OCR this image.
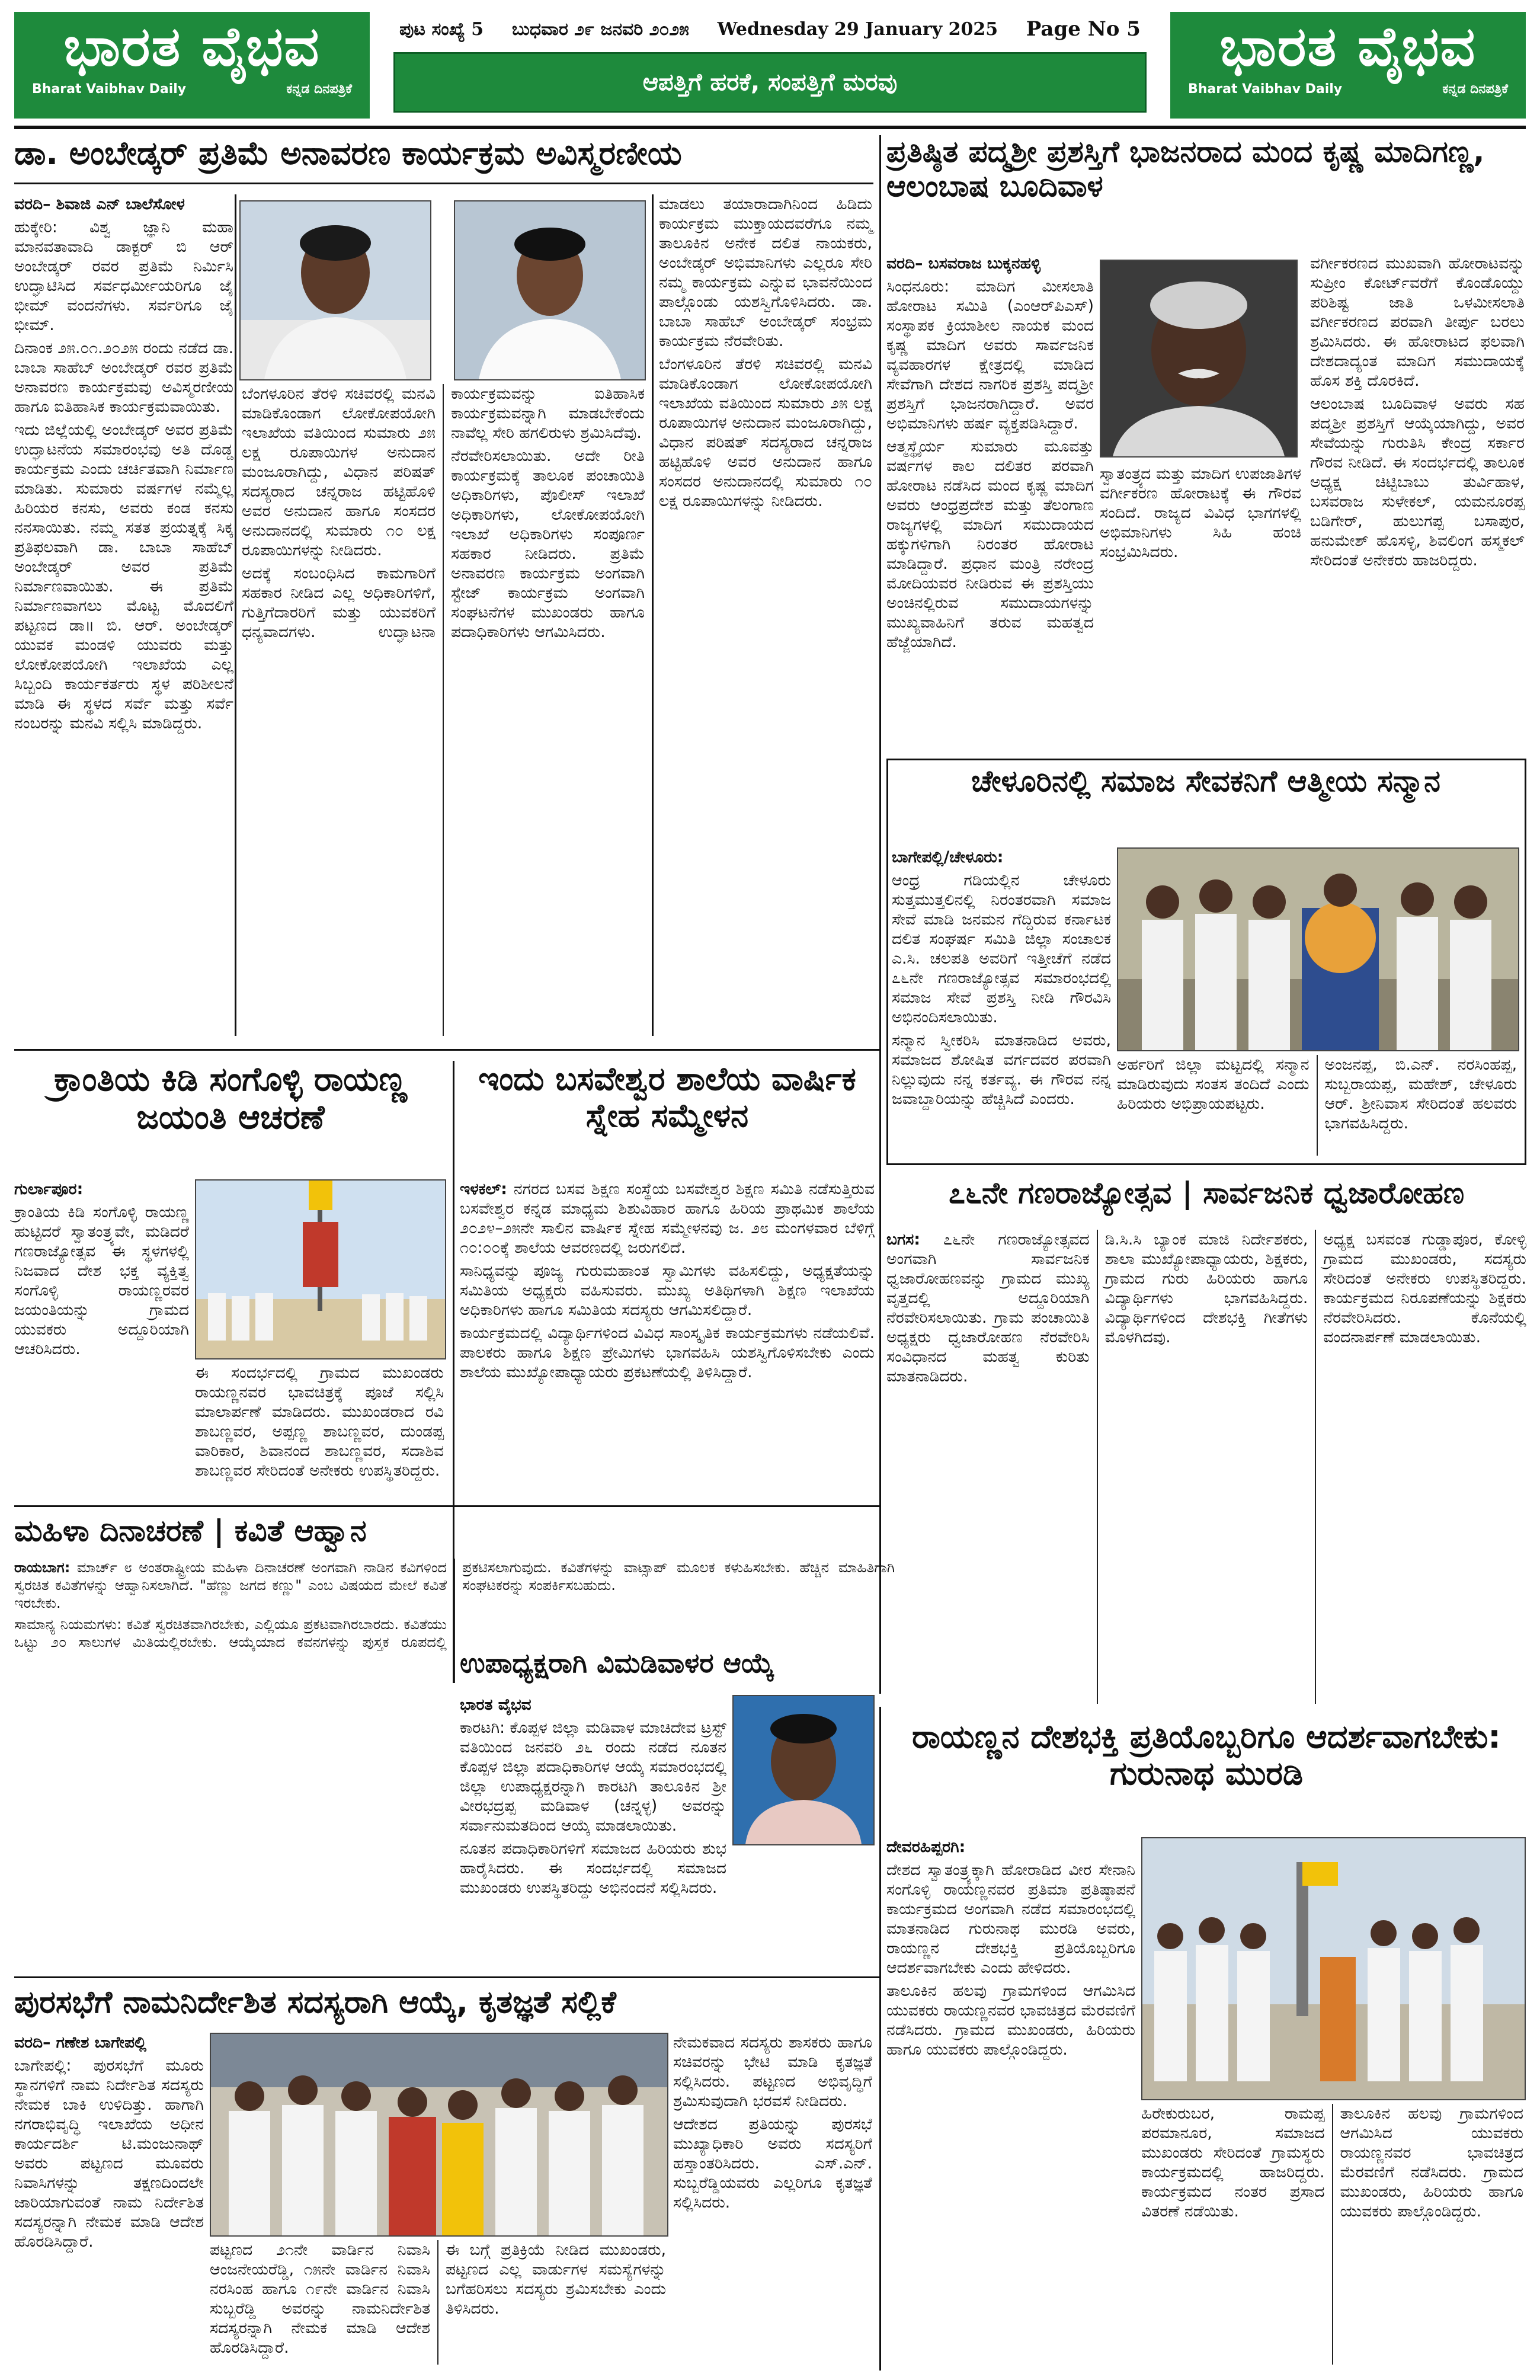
ಭಾರತ ವೈಭವ
Bharat Vaibhav Daily	ಕನ್ನಡ ದಿನಪತ್ರಿಕೆ
ಪುಟ ಸಂಖ್ಯೆ 5 ಬುಧವಾರ ೨೯ ಜನವರಿ ೨೦೨೫ Wednesday 29 January 2025 Page No 5
ಆಪತ್ತಿಗೆ ಹರಕೆ, ಸಂಪತ್ತಿಗೆ ಮರವು
ಭಾರತ ವೈಭವ
Bharat Vaibhav Daily	ಕನ್ನಡ ದಿನಪತ್ರಿಕೆ
ಡಾ. ಅಂಬೇಡ್ಕರ್ ಪ್ರತಿಮೆ ಅನಾವರಣ ಕಾರ್ಯಕ್ರಮ ಅವಿಸ್ಮರಣೀಯ

ವರದಿ– ಶಿವಾಜಿ ಎನ್ ಬಾಲೆಸೋಳ

ಹುಕ್ಕೇರಿ: ವಿಶ್ವ ಜ್ಞಾನಿ ಮಹಾ ಮಾನವತಾವಾದಿ ಡಾಕ್ಟರ್ ಬಿ ಆರ್ ಅಂಬೇಡ್ಕರ್ ರವರ ಪ್ರತಿಮೆ ನಿರ್ಮಿಸಿ ಉದ್ಘಾಟಿಸಿದ ಸರ್ವಧರ್ಮೀಯರಿಗೂ ಜೈ ಭೀಮ್ ವಂದನೆಗಳು. ಸರ್ವರಿಗೂ ಜೈ ಭೀಮ್.

ದಿನಾಂಕ ೨೫.೦೧.೨೦೨೫ ರಂದು ನಡೆದ ಡಾ. ಬಾಬಾ ಸಾಹೆಬ್ ಅಂಬೇಡ್ಕರ್ ರವರ ಪ್ರತಿಮೆ ಅನಾವರಣ ಕಾರ್ಯಕ್ರಮವು ಅವಿಸ್ಮರಣೀಯ ಹಾಗೂ ಐತಿಹಾಸಿಕ ಕಾರ್ಯಕ್ರಮವಾಯಿತು.

ಇದು ಜಿಲ್ಲೆಯಲ್ಲಿ ಅಂಬೇಡ್ಕರ್ ಅವರ ಪ್ರತಿಮೆ ಉದ್ಘಾಟನೆಯ ಸಮಾರಂಭವು ಅತಿ ದೊಡ್ಡ ಕಾರ್ಯಕ್ರಮ ಎಂದು ಚರ್ಚಿತವಾಗಿ ನಿರ್ಮಾಣ ಮಾಡಿತು. ಸುಮಾರು ವರ್ಷಗಳ ನಮ್ಮೆಲ್ಲ ಹಿರಿಯರ ಕನಸು, ಅವರು ಕಂಡ ಕನಸು ನನಸಾಯಿತು. ನಮ್ಮ ಸತತ ಪ್ರಯತ್ನಕ್ಕೆ ಸಿಕ್ಕ ಪ್ರತಿಫಲವಾಗಿ ಡಾ. ಬಾಬಾ ಸಾಹೆಬ್ ಅಂಬೇಡ್ಕರ್ ಅವರ ಪ್ರತಿಮೆ ನಿರ್ಮಾಣವಾಯಿತು. ಈ ಪ್ರತಿಮೆ ನಿರ್ಮಾಣವಾಗಲು ಮೊಟ್ಟ ಮೊದಲಿಗೆ ಪಟ್ಟಣದ ಡಾ॥ ಬಿ. ಆರ್. ಅಂಬೇಡ್ಕರ್ ಯುವಕ ಮಂಡಳಿ ಯುವರು ಮತ್ತು ಲೋಕೋಪಯೋಗಿ ಇಲಾಖೆಯ ಎಲ್ಲ ಸಿಬ್ಬಂದಿ ಕಾರ್ಯಕರ್ತರು ಸ್ಥಳ ಪರಿಶೀಲನೆ ಮಾಡಿ ಈ ಸ್ಥಳದ ಸರ್ವೆ ಮತ್ತು ಸರ್ವೆ ನಂಬರನ್ನು ಮನವಿ ಸಲ್ಲಿಸಿ ಮಾಡಿದ್ದರು.

ಬೆಂಗಳೂರಿನ ತೆರಳಿ ಸಚಿವರಲ್ಲಿ ಮನವಿ ಮಾಡಿಕೊಂಡಾಗ ಲೋಕೋಪಯೋಗಿ ಇಲಾಖೆಯ ವತಿಯಿಂದ ಸುಮಾರು ೨೫ ಲಕ್ಷ ರೂಪಾಯಿಗಳ ಅನುದಾನ ಮಂಜೂರಾಗಿದ್ದು, ವಿಧಾನ ಪರಿಷತ್ ಸದಸ್ಯರಾದ ಚನ್ನರಾಜ ಹಟ್ಟಿಹೊಳಿ ಅವರ ಅನುದಾನ ಹಾಗೂ ಸಂಸದರ ಅನುದಾನದಲ್ಲಿ ಸುಮಾರು ೧೦ ಲಕ್ಷ ರೂಪಾಯಿಗಳನ್ನು ನೀಡಿದರು.

ಅದಕ್ಕೆ ಸಂಬಂಧಿಸಿದ ಕಾಮಗಾರಿಗೆ ಸಹಕಾರ ನೀಡಿದ ಎಲ್ಲ ಅಧಿಕಾರಿಗಳಿಗೆ, ಗುತ್ತಿಗೆದಾರರಿಗೆ ಮತ್ತು ಯುವಕರಿಗೆ ಧನ್ಯವಾದಗಳು. ಉದ್ಘಾಟನಾ ಕಾರ್ಯಕ್ರಮವನ್ನು ಐತಿಹಾಸಿಕ ಕಾರ್ಯಕ್ರಮವನ್ನಾಗಿ ಮಾಡಬೇಕೆಂದು ನಾವೆಲ್ಲ ಸೇರಿ ಹಗಲಿರುಳು ಶ್ರಮಿಸಿದೆವು.

ನೆರವೇರಿಸಲಾಯಿತು. ಅದೇ ರೀತಿ ಕಾರ್ಯಕ್ರಮಕ್ಕೆ ತಾಲೂಕ ಪಂಚಾಯಿತಿ ಅಧಿಕಾರಿಗಳು, ಪೊಲೀಸ್ ಇಲಾಖೆ ಅಧಿಕಾರಿಗಳು, ಲೋಕೋಪಯೋಗಿ ಇಲಾಖೆ ಅಧಿಕಾರಿಗಳು ಸಂಪೂರ್ಣ ಸಹಕಾರ ನೀಡಿದರು. ಪ್ರತಿಮೆ ಅನಾವರಣ ಕಾರ್ಯಕ್ರಮ ಅಂಗವಾಗಿ ಸ್ಟೇಜ್ ಕಾರ್ಯಕ್ರಮ ಅಂಗವಾಗಿ ಸಂಘಟನೆಗಳ ಮುಖಂಡರು ಹಾಗೂ ಪದಾಧಿಕಾರಿಗಳು ಆಗಮಿಸಿದರು.

ಮಾಡಲು ತಯಾರಾದಾಗಿನಿಂದ ಹಿಡಿದು ಕಾರ್ಯಕ್ರಮ ಮುಕ್ತಾಯದವರೆಗೂ ನಮ್ಮ ತಾಲೂಕಿನ ಅನೇಕ ದಲಿತ ನಾಯಕರು, ಅಂಬೇಡ್ಕರ್ ಅಭಿಮಾನಿಗಳು ಎಲ್ಲರೂ ಸೇರಿ ನಮ್ಮ ಕಾರ್ಯಕ್ರಮ ಎನ್ನುವ ಭಾವನೆಯಿಂದ ಪಾಲ್ಗೊಂಡು ಯಶಸ್ವಿಗೊಳಿಸಿದರು. ಡಾ. ಬಾಬಾ ಸಾಹೆಬ್ ಅಂಬೇಡ್ಕರ್ ಸಂಭ್ರಮ ಕಾರ್ಯಕ್ರಮ ನೆರವೇರಿತು.

ಬೆಂಗಳೂರಿನ ತೆರಳಿ ಸಚಿವರಲ್ಲಿ ಮನವಿ ಮಾಡಿಕೊಂಡಾಗ ಲೋಕೋಪಯೋಗಿ ಇಲಾಖೆಯ ವತಿಯಿಂದ ಸುಮಾರು ೨೫ ಲಕ್ಷ ರೂಪಾಯಿಗಳ ಅನುದಾನ ಮಂಜೂರಾಗಿದ್ದು, ವಿಧಾನ ಪರಿಷತ್ ಸದಸ್ಯರಾದ ಚನ್ನರಾಜ ಹಟ್ಟಿಹೊಳಿ ಅವರ ಅನುದಾನ ಹಾಗೂ ಸಂಸದರ ಅನುದಾನದಲ್ಲಿ ಸುಮಾರು ೧೦ ಲಕ್ಷ ರೂಪಾಯಿಗಳನ್ನು ನೀಡಿದರು.

ಪ್ರತಿಷ್ಠಿತ ಪದ್ಮಶ್ರೀ ಪ್ರಶಸ್ತಿಗೆ ಭಾಜನರಾದ ಮಂದ ಕೃಷ್ಣ ಮಾದಿಗಣ್ಣ, ಆಲಂಬಾಷ ಬೂದಿವಾಳ

ವರದಿ– ಬಸವರಾಜ ಬುಕ್ಕನಹಳ್ಳಿ

ಸಿಂಧನೂರು: ಮಾದಿಗ ಮೀಸಲಾತಿ ಹೋರಾಟ ಸಮಿತಿ (ಎಂಆರ್‌ಪಿಎಸ್) ಸಂಸ್ಥಾಪಕ ಕ್ರಿಯಾಶೀಲ ನಾಯಕ ಮಂದ ಕೃಷ್ಣ ಮಾದಿಗ ಅವರು ಸಾರ್ವಜನಿಕ ವ್ಯವಹಾರಗಳ ಕ್ಷೇತ್ರದಲ್ಲಿ ಮಾಡಿದ ಸೇವೆಗಾಗಿ ದೇಶದ ನಾಗರಿಕ ಪ್ರಶಸ್ತಿ ಪದ್ಮಶ್ರೀ ಪ್ರಶಸ್ತಿಗೆ ಭಾಜನರಾಗಿದ್ದಾರೆ. ಅವರ ಅಭಿಮಾನಿಗಳು ಹರ್ಷ ವ್ಯಕ್ತಪಡಿಸಿದ್ದಾರೆ.

ಆತ್ಮಸ್ಥೈರ್ಯ ಸುಮಾರು ಮೂವತ್ತು ವರ್ಷಗಳ ಕಾಲ ದಲಿತರ ಪರವಾಗಿ ಹೋರಾಟ ನಡೆಸಿದ ಮಂದ ಕೃಷ್ಣ ಮಾದಿಗ ಅವರು ಆಂಧ್ರಪ್ರದೇಶ ಮತ್ತು ತೆಲಂಗಾಣ ರಾಜ್ಯಗಳಲ್ಲಿ ಮಾದಿಗ ಸಮುದಾಯದ ಹಕ್ಕುಗಳಿಗಾಗಿ ನಿರಂತರ ಹೋರಾಟ ಮಾಡಿದ್ದಾರೆ. ಪ್ರಧಾನ ಮಂತ್ರಿ ನರೇಂದ್ರ ಮೋದಿಯವರ ನೀಡಿರುವ ಈ ಪ್ರಶಸ್ತಿಯು ಅಂಚಿನಲ್ಲಿರುವ ಸಮುದಾಯಗಳನ್ನು ಮುಖ್ಯವಾಹಿನಿಗೆ ತರುವ ಮಹತ್ವದ ಹೆಜ್ಜೆಯಾಗಿದೆ.

ಸ್ವಾತಂತ್ರ್ಯದ ಮತ್ತು ಮಾದಿಗ ಉಪಜಾತಿಗಳ ವರ್ಗೀಕರಣ ಹೋರಾಟಕ್ಕೆ ಈ ಗೌರವ ಸಂದಿದೆ. ರಾಜ್ಯದ ವಿವಿಧ ಭಾಗಗಳಲ್ಲಿ ಅಭಿಮಾನಿಗಳು ಸಿಹಿ ಹಂಚಿ ಸಂಭ್ರಮಿಸಿದರು.

ವರ್ಗೀಕರಣದ ಮುಖವಾಗಿ ಹೋರಾಟವನ್ನು ಸುಪ್ರೀಂ ಕೋರ್ಟ್‌ವರೆಗೆ ಕೊಂಡೊಯ್ದು ಪರಿಶಿಷ್ಟ ಜಾತಿ ಒಳಮೀಸಲಾತಿ ವರ್ಗೀಕರಣದ ಪರವಾಗಿ ತೀರ್ಪು ಬರಲು ಶ್ರಮಿಸಿದರು. ಈ ಹೋರಾಟದ ಫಲವಾಗಿ ದೇಶದಾದ್ಯಂತ ಮಾದಿಗ ಸಮುದಾಯಕ್ಕೆ ಹೊಸ ಶಕ್ತಿ ದೊರಕಿದೆ.

ಆಲಂಬಾಷ ಬೂದಿವಾಳ ಅವರು ಸಹ ಪದ್ಮಶ್ರೀ ಪ್ರಶಸ್ತಿಗೆ ಆಯ್ಕೆಯಾಗಿದ್ದು, ಅವರ ಸೇವೆಯನ್ನು ಗುರುತಿಸಿ ಕೇಂದ್ರ ಸರ್ಕಾರ ಗೌರವ ನೀಡಿದೆ. ಈ ಸಂದರ್ಭದಲ್ಲಿ ತಾಲೂಕ ಅಧ್ಯಕ್ಷ ಚಿಟ್ಟಿಬಾಬು ತುರ್ವಿಹಾಳ, ಬಸವರಾಜ ಸುಳೇಕಲ್, ಯಮನೂರಪ್ಪ ಬಡಿಗೇರ್, ಹುಲುಗಪ್ಪ ಬಸಾಪುರ, ಹನುಮೇಶ್ ಹೊಸಳ್ಳಿ, ಶಿವಲಿಂಗ ಹಸ್ಮಕಲ್ ಸೇರಿದಂತೆ ಅನೇಕರು ಹಾಜರಿದ್ದರು.

ಚೇಳೂರಿನಲ್ಲಿ ಸಮಾಜ ಸೇವಕನಿಗೆ ಆತ್ಮೀಯ ಸನ್ಮಾನ

ಬಾಗೇಪಲ್ಲಿ/ಚೇಳೂರು:

ಆಂಧ್ರ ಗಡಿಯಲ್ಲಿನ ಚೇಳೂರು ಸುತ್ತಮುತ್ತಲಿನಲ್ಲಿ ನಿರಂತರವಾಗಿ ಸಮಾಜ ಸೇವೆ ಮಾಡಿ ಜನಮನ ಗೆದ್ದಿರುವ ಕರ್ನಾಟಕ ದಲಿತ ಸಂಘರ್ಷ ಸಮಿತಿ ಜಿಲ್ಲಾ ಸಂಚಾಲಕ ಎ.ಸಿ. ಚಲಪತಿ ಅವರಿಗೆ ಇತ್ತೀಚೆಗೆ ನಡೆದ ೭೬ನೇ ಗಣರಾಜ್ಯೋತ್ಸವ ಸಮಾರಂಭದಲ್ಲಿ ಸಮಾಜ ಸೇವೆ ಪ್ರಶಸ್ತಿ ನೀಡಿ ಗೌರವಿಸಿ ಅಭಿನಂದಿಸಲಾಯಿತು.

ಸನ್ಮಾನ ಸ್ವೀಕರಿಸಿ ಮಾತನಾಡಿದ ಅವರು, ಸಮಾಜದ ಶೋಷಿತ ವರ್ಗದವರ ಪರವಾಗಿ ನಿಲ್ಲುವುದು ನನ್ನ ಕರ್ತವ್ಯ. ಈ ಗೌರವ ನನ್ನ ಜವಾಬ್ದಾರಿಯನ್ನು ಹೆಚ್ಚಿಸಿದೆ ಎಂದರು.

ಅರ್ಹರಿಗೆ ಜಿಲ್ಲಾ ಮಟ್ಟದಲ್ಲಿ ಸನ್ಮಾನ ಮಾಡಿರುವುದು ಸಂತಸ ತಂದಿದೆ ಎಂದು ಹಿರಿಯರು ಅಭಿಪ್ರಾಯಪಟ್ಟರು.

ಅಂಜನಪ್ಪ, ಬಿ.ಎನ್. ನರಸಿಂಹಪ್ಪ, ಸುಬ್ಬರಾಯಪ್ಪ, ಮಹೇಶ್, ಚೇಳೂರು ಆರ್. ಶ್ರೀನಿವಾಸ ಸೇರಿದಂತೆ ಹಲವರು ಭಾಗವಹಿಸಿದ್ದರು.

ಕ್ರಾಂತಿಯ ಕಿಡಿ ಸಂಗೊಳ್ಳಿ ರಾಯಣ್ಣ ಜಯಂತಿ ಆಚರಣೆ

ಗುರ್ಲಾಪೂರ:

ಕ್ರಾಂತಿಯ ಕಿಡಿ ಸಂಗೊಳ್ಳಿ ರಾಯಣ್ಣ ಹುಟ್ಟಿದರೆ ಸ್ವಾತಂತ್ರ್ಯವೇ, ಮಡಿದರೆ ಗಣರಾಜ್ಯೋತ್ಸವ ಈ ಸ್ಥಳಗಳಲ್ಲಿ ನಿಜವಾದ ದೇಶ ಭಕ್ತ ವ್ಯಕ್ತಿತ್ವ ಸಂಗೊಳ್ಳಿ ರಾಯಣ್ಣರವರ ಜಯಂತಿಯನ್ನು ಗ್ರಾಮದ ಯುವಕರು ಅದ್ದೂರಿಯಾಗಿ ಆಚರಿಸಿದರು.

ಈ ಸಂದರ್ಭದಲ್ಲಿ ಗ್ರಾಮದ ಮುಖಂಡರು ರಾಯಣ್ಣನವರ ಭಾವಚಿತ್ರಕ್ಕೆ ಪೂಜೆ ಸಲ್ಲಿಸಿ ಮಾಲಾರ್ಪಣೆ ಮಾಡಿದರು. ಮುಖಂಡರಾದ ರವಿ ಶಾಬಣ್ಣವರ, ಅಪ್ಪಣ್ಣ ಶಾಬಣ್ಣವರ, ದುಂಡಪ್ಪ ವಾರಿಕಾರ, ಶಿವಾನಂದ ಶಾಬಣ್ಣವರ, ಸದಾಶಿವ ಶಾಬಣ್ಣವರ ಸೇರಿದಂತೆ ಅನೇಕರು ಉಪಸ್ಥಿತರಿದ್ದರು.

ಇಂದು ಬಸವೇಶ್ವರ ಶಾಲೆಯ ವಾರ್ಷಿಕ ಸ್ನೇಹ ಸಮ್ಮೇಳನ

ಇಳಕಲ್: ನಗರದ ಬಸವ ಶಿಕ್ಷಣ ಸಂಸ್ಥೆಯ ಬಸವೇಶ್ವರ ಶಿಕ್ಷಣ ಸಮಿತಿ ನಡೆಸುತ್ತಿರುವ ಬಸವೇಶ್ವರ ಕನ್ನಡ ಮಾಧ್ಯಮ ಶಿಶುವಿಹಾರ ಹಾಗೂ ಹಿರಿಯ ಪ್ರಾಥಮಿಕ ಶಾಲೆಯ ೨೦೨೪–೨೫ನೇ ಸಾಲಿನ ವಾರ್ಷಿಕ ಸ್ನೇಹ ಸಮ್ಮೇಳನವು ಜ. ೨೮ ಮಂಗಳವಾರ ಬೆಳಿಗ್ಗೆ ೧೦:೦೦ಕ್ಕೆ ಶಾಲೆಯ ಆವರಣದಲ್ಲಿ ಜರುಗಲಿದೆ.

ಸಾನಿಧ್ಯವನ್ನು ಪೂಜ್ಯ ಗುರುಮಹಾಂತ ಸ್ವಾಮಿಗಳು ವಹಿಸಲಿದ್ದು, ಅಧ್ಯಕ್ಷತೆಯನ್ನು ಸಮಿತಿಯ ಅಧ್ಯಕ್ಷರು ವಹಿಸುವರು. ಮುಖ್ಯ ಅತಿಥಿಗಳಾಗಿ ಶಿಕ್ಷಣ ಇಲಾಖೆಯ ಅಧಿಕಾರಿಗಳು ಹಾಗೂ ಸಮಿತಿಯ ಸದಸ್ಯರು ಆಗಮಿಸಲಿದ್ದಾರೆ.

ಕಾರ್ಯಕ್ರಮದಲ್ಲಿ ವಿದ್ಯಾರ್ಥಿಗಳಿಂದ ವಿವಿಧ ಸಾಂಸ್ಕೃತಿಕ ಕಾರ್ಯಕ್ರಮಗಳು ನಡೆಯಲಿವೆ. ಪಾಲಕರು ಹಾಗೂ ಶಿಕ್ಷಣ ಪ್ರೇಮಿಗಳು ಭಾಗವಹಿಸಿ ಯಶಸ್ವಿಗೊಳಿಸಬೇಕು ಎಂದು ಶಾಲೆಯ ಮುಖ್ಯೋಪಾಧ್ಯಾಯರು ಪ್ರಕಟಣೆಯಲ್ಲಿ ತಿಳಿಸಿದ್ದಾರೆ.

೭೬ನೇ ಗಣರಾಜ್ಯೋತ್ಸವ | ಸಾರ್ವಜನಿಕ ಧ್ವಜಾರೋಹಣ

ಬಗಸ: ೭೬ನೇ ಗಣರಾಜ್ಯೋತ್ಸವದ ಅಂಗವಾಗಿ ಸಾರ್ವಜನಿಕ ಧ್ವಜಾರೋಹಣವನ್ನು ಗ್ರಾಮದ ಮುಖ್ಯ ವೃತ್ತದಲ್ಲಿ ಅದ್ದೂರಿಯಾಗಿ ನೆರವೇರಿಸಲಾಯಿತು. ಗ್ರಾಮ ಪಂಚಾಯಿತಿ ಅಧ್ಯಕ್ಷರು ಧ್ವಜಾರೋಹಣ ನೆರವೇರಿಸಿ ಸಂವಿಧಾನದ ಮಹತ್ವ ಕುರಿತು ಮಾತನಾಡಿದರು.

ಡಿ.ಸಿ.ಸಿ ಬ್ಯಾಂಕ ಮಾಜಿ ನಿರ್ದೇಶಕರು, ಶಾಲಾ ಮುಖ್ಯೋಪಾಧ್ಯಾಯರು, ಶಿಕ್ಷಕರು, ಗ್ರಾಮದ ಗುರು ಹಿರಿಯರು ಹಾಗೂ ವಿದ್ಯಾರ್ಥಿಗಳು ಭಾಗವಹಿಸಿದ್ದರು. ವಿದ್ಯಾರ್ಥಿಗಳಿಂದ ದೇಶಭಕ್ತಿ ಗೀತೆಗಳು ಮೊಳಗಿದವು.

ಅಧ್ಯಕ್ಷ ಬಸವಂತ ಗುಡ್ಡಾಪೂರ, ಕೋಳ್ಳಿ ಗ್ರಾಮದ ಮುಖಂಡರು, ಸದಸ್ಯರು ಸೇರಿದಂತೆ ಅನೇಕರು ಉಪಸ್ಥಿತರಿದ್ದರು. ಕಾರ್ಯಕ್ರಮದ ನಿರೂಪಣೆಯನ್ನು ಶಿಕ್ಷಕರು ನೆರವೇರಿಸಿದರು. ಕೊನೆಯಲ್ಲಿ ವಂದನಾರ್ಪಣೆ ಮಾಡಲಾಯಿತು.

ಮಹಿಳಾ ದಿನಾಚರಣೆ | ಕವಿತೆ ಆಹ್ವಾನ

ರಾಯಬಾಗ: ಮಾರ್ಚ್ ೮ ಅಂತರಾಷ್ಟ್ರೀಯ ಮಹಿಳಾ ದಿನಾಚರಣೆ ಅಂಗವಾಗಿ ನಾಡಿನ ಕವಿಗಳಿಂದ ಸ್ವರಚಿತ ಕವಿತೆಗಳನ್ನು ಆಹ್ವಾನಿಸಲಾಗಿದೆ. "ಹೆಣ್ಣು ಜಗದ ಕಣ್ಣು" ಎಂಬ ವಿಷಯದ ಮೇಲೆ ಕವಿತೆ ಇರಬೇಕು.

ಸಾಮಾನ್ಯ ನಿಯಮಗಳು: ಕವಿತೆ ಸ್ವರಚಿತವಾಗಿರಬೇಕು, ಎಲ್ಲಿಯೂ ಪ್ರಕಟವಾಗಿರಬಾರದು. ಕವಿತೆಯು ಒಟ್ಟು ೨೦ ಸಾಲುಗಳ ಮಿತಿಯಲ್ಲಿರಬೇಕು. ಆಯ್ಕೆಯಾದ ಕವನಗಳನ್ನು ಪುಸ್ತಕ ರೂಪದಲ್ಲಿ ಪ್ರಕಟಿಸಲಾಗುವುದು. ಕವಿತೆಗಳನ್ನು ವಾಟ್ಸಾಪ್ ಮೂಲಕ ಕಳುಹಿಸಬೇಕು. ಹೆಚ್ಚಿನ ಮಾಹಿತಿಗಾಗಿ ಸಂಘಟಕರನ್ನು ಸಂಪರ್ಕಿಸಬಹುದು.

ಉಪಾಧ್ಯಕ್ಷರಾಗಿ ವಿಮಡಿವಾಳರ ಆಯ್ಕೆ

ಭಾರತ ವೈಭವ

ಕಾರಟಗಿ: ಕೊಪ್ಪಳ ಜಿಲ್ಲಾ ಮಡಿವಾಳ ಮಾಚಿದೇವ ಟ್ರಸ್ಟ್ ವತಿಯಿಂದ ಜನವರಿ ೨೬ ರಂದು ನಡೆದ ನೂತನ ಕೊಪ್ಪಳ ಜಿಲ್ಲಾ ಪದಾಧಿಕಾರಿಗಳ ಆಯ್ಕೆ ಸಮಾರಂಭದಲ್ಲಿ ಜಿಲ್ಲಾ ಉಪಾಧ್ಯಕ್ಷರನ್ನಾಗಿ ಕಾರಟಗಿ ತಾಲೂಕಿನ ಶ್ರೀ ವೀರಭದ್ರಪ್ಪ ಮಡಿವಾಳ (ಚನ್ನಳ್ಳ) ಅವರನ್ನು ಸರ್ವಾನುಮತದಿಂದ ಆಯ್ಕೆ ಮಾಡಲಾಯಿತು.

ನೂತನ ಪದಾಧಿಕಾರಿಗಳಿಗೆ ಸಮಾಜದ ಹಿರಿಯರು ಶುಭ ಹಾರೈಸಿದರು. ಈ ಸಂದರ್ಭದಲ್ಲಿ ಸಮಾಜದ ಮುಖಂಡರು ಉಪಸ್ಥಿತರಿದ್ದು ಅಭಿನಂದನೆ ಸಲ್ಲಿಸಿದರು.

ರಾಯಣ್ಣನ ದೇಶಭಕ್ತಿ ಪ್ರತಿಯೊಬ್ಬರಿಗೂ ಆದರ್ಶವಾಗಬೇಕು: ಗುರುನಾಥ ಮುರಡಿ

ದೇವರಹಿಪ್ಪರಗಿ:

ದೇಶದ ಸ್ವಾತಂತ್ರ್ಯಕ್ಕಾಗಿ ಹೋರಾಡಿದ ವೀರ ಸೇನಾನಿ ಸಂಗೊಳ್ಳಿ ರಾಯಣ್ಣನವರ ಪ್ರತಿಮಾ ಪ್ರತಿಷ್ಠಾಪನೆ ಕಾರ್ಯಕ್ರಮದ ಅಂಗವಾಗಿ ನಡೆದ ಸಮಾರಂಭದಲ್ಲಿ ಮಾತನಾಡಿದ ಗುರುನಾಥ ಮುರಡಿ ಅವರು, ರಾಯಣ್ಣನ ದೇಶಭಕ್ತಿ ಪ್ರತಿಯೊಬ್ಬರಿಗೂ ಆದರ್ಶವಾಗಬೇಕು ಎಂದು ಹೇಳಿದರು.

ತಾಲೂಕಿನ ಹಲವು ಗ್ರಾಮಗಳಿಂದ ಆಗಮಿಸಿದ ಯುವಕರು ರಾಯಣ್ಣನವರ ಭಾವಚಿತ್ರದ ಮೆರವಣಿಗೆ ನಡೆಸಿದರು. ಗ್ರಾಮದ ಮುಖಂಡರು, ಹಿರಿಯರು ಹಾಗೂ ಯುವಕರು ಪಾಲ್ಗೊಂಡಿದ್ದರು.

ಹಿರೇಕುರುಬರ, ರಾಮಪ್ಪ ಪರಮಾನೂರ, ಸಮಾಜದ ಮುಖಂಡರು ಸೇರಿದಂತೆ ಗ್ರಾಮಸ್ಥರು ಕಾರ್ಯಕ್ರಮದಲ್ಲಿ ಹಾಜರಿದ್ದರು. ಕಾರ್ಯಕ್ರಮದ ನಂತರ ಪ್ರಸಾದ ವಿತರಣೆ ನಡೆಯಿತು.

ತಾಲೂಕಿನ ಹಲವು ಗ್ರಾಮಗಳಿಂದ ಆಗಮಿಸಿದ ಯುವಕರು ರಾಯಣ್ಣನವರ ಭಾವಚಿತ್ರದ ಮೆರವಣಿಗೆ ನಡೆಸಿದರು. ಗ್ರಾಮದ ಮುಖಂಡರು, ಹಿರಿಯರು ಹಾಗೂ ಯುವಕರು ಪಾಲ್ಗೊಂಡಿದ್ದರು.

ಪುರಸಭೆಗೆ ನಾಮನಿರ್ದೇಶಿತ ಸದಸ್ಯರಾಗಿ ಆಯ್ಕೆ, ಕೃತಜ್ಞತೆ ಸಲ್ಲಿಕೆ

ವರದಿ– ಗಣೇಶ ಬಾಗೇಪಲ್ಲಿ

ಬಾಗೇಪಲ್ಲಿ: ಪುರಸಭೆಗೆ ಮೂರು ಸ್ಥಾನಗಳಿಗೆ ನಾಮ ನಿರ್ದೇಶಿತ ಸದಸ್ಯರು ನೇಮಕ ಬಾಕಿ ಉಳಿದಿತ್ತು. ಹಾಗಾಗಿ ನಗರಾಭಿವೃದ್ಧಿ ಇಲಾಖೆಯ ಅಧೀನ ಕಾರ್ಯದರ್ಶಿ ಟಿ.ಮಂಜುನಾಥ್ ಅವರು ಪಟ್ಟಣದ ಮೂವರು ನಿವಾಸಿಗಳನ್ನು ತಕ್ಷಣದಿಂದಲೇ ಜಾರಿಯಾಗುವಂತೆ ನಾಮ ನಿರ್ದೇಶಿತ ಸದಸ್ಯರನ್ನಾಗಿ ನೇಮಕ ಮಾಡಿ ಆದೇಶ ಹೊರಡಿಸಿದ್ದಾರೆ.	ಪಟ್ಟಣದ ೨೧ನೇ ವಾರ್ಡಿನ ನಿವಾಸಿ ಆಂಜನೇಯರೆಡ್ಡಿ, ೧೫ನೇ ವಾರ್ಡಿನ ನಿವಾಸಿ ನರಸಿಂಹ ಹಾಗೂ ೧೯ನೇ ವಾರ್ಡಿನ ನಿವಾಸಿ ಸುಬ್ಬರೆಡ್ಡಿ ಅವರನ್ನು ನಾಮನಿರ್ದೇಶಿತ ಸದಸ್ಯರನ್ನಾಗಿ ನೇಮಕ ಮಾಡಿ ಆದೇಶ ಹೊರಡಿಸಿದ್ದಾರೆ.

ಈ ಬಗ್ಗೆ ಪ್ರತಿಕ್ರಿಯೆ ನೀಡಿದ ಮುಖಂಡರು, ಪಟ್ಟಣದ ಎಲ್ಲ ವಾರ್ಡುಗಳ ಸಮಸ್ಯೆಗಳನ್ನು ಬಗೆಹರಿಸಲು ಸದಸ್ಯರು ಶ್ರಮಿಸಬೇಕು ಎಂದು ತಿಳಿಸಿದರು.

ನೇಮಕವಾದ ಸದಸ್ಯರು ಶಾಸಕರು ಹಾಗೂ ಸಚಿವರನ್ನು ಭೇಟಿ ಮಾಡಿ ಕೃತಜ್ಞತೆ ಸಲ್ಲಿಸಿದರು. ಪಟ್ಟಣದ ಅಭಿವೃದ್ಧಿಗೆ ಶ್ರಮಿಸುವುದಾಗಿ ಭರವಸೆ ನೀಡಿದರು.

ಆದೇಶದ ಪ್ರತಿಯನ್ನು ಪುರಸಭೆ ಮುಖ್ಯಾಧಿಕಾರಿ ಅವರು ಸದಸ್ಯರಿಗೆ ಹಸ್ತಾಂತರಿಸಿದರು. ಎಸ್.ಎನ್. ಸುಬ್ಬರೆಡ್ಡಿಯವರು ಎಲ್ಲರಿಗೂ ಕೃತಜ್ಞತೆ ಸಲ್ಲಿಸಿದರು.
